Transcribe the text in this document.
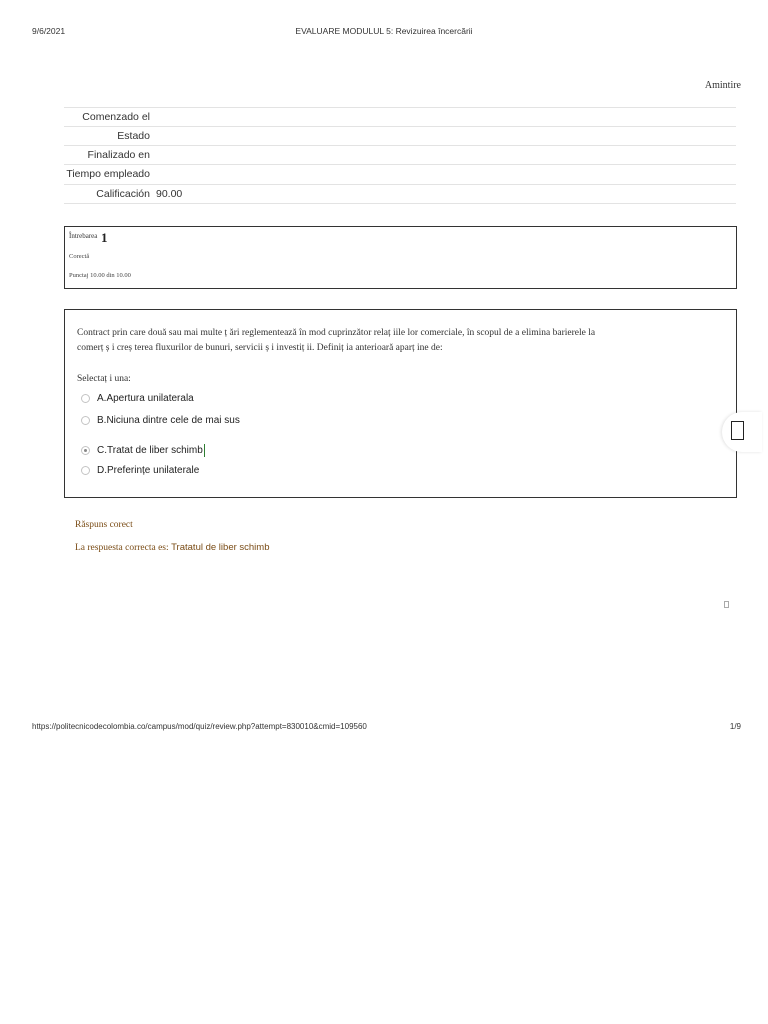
9/6/2021	EVALUARE MODULUL 5: Revizuirea încercării
Amintire
Comenzado el
Estado
Finalizado en
Tiempo empleado
Calificación 90.00
Întrebarea 1
Corectă
Punctaj 10.00 din 10.00
Contract prin care două sau mai multe ț ări reglementează în mod cuprinzător relaț iile lor comerciale, în scopul de a elimina barierele la comerț ș i creș terea fluxurilor de bunuri, servicii ș i investiț ii. Definiț ia anterioară aparț ine de:
Selectaț i una:
A.Apertura unilaterala
B.Niciuna dintre cele de mai sus
C.Tratat de liber schimb
D.Preferințe unilaterale
Răspuns corect
La respuesta correcta es: Tratatul de liber schimb
https://politecnicodecolombia.co/campus/mod/quiz/review.php?attempt=830010&cmid=109560	1/9
